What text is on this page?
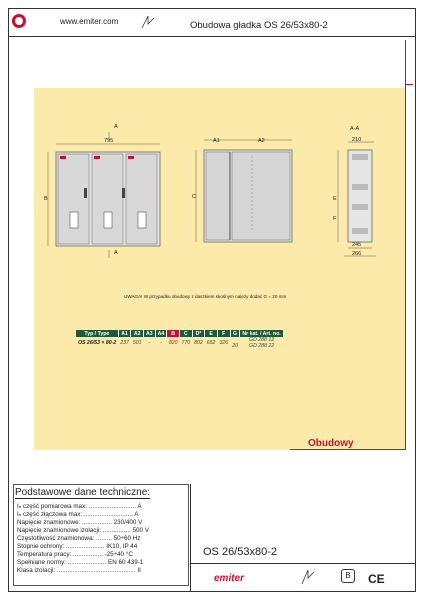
www.emiter.com	Obudowa gładka OS 26/53x80-2
795
B
A
A
A1	A2
C
A-A
210
E
F
245
266
UWAGA! W przypadku obudowy z daszkiem skośnym należy dodać G = 20 mm
Typ / Type	A1	A2	A3	A4	B	C	D*	E	F	G	Nr kat. / Art. no.
OS 26/53 × 80-2	237	501	-	-	820	770	802	652	326	20	GD 288 12
GD 288 22
Obudowy
Podstawowe dane techniczne:
Iₙ część pomiarowa max: ........................... A
Iₙ część złączowa max: ............................ A
Napięcie znamionowe: ................. 230/400 V
Napięcie znamionowe izolacji: ................ 500 V
Częstotliwość znamionowa: ......... 50÷60 Hz
Stopnie ochrony: ...................... IK10, IP 44
Temperatura pracy: ................. -25÷40 °C
Spełniane normy: ...................... EN 60 439-1
Klasa izolacji: ............................................. II
OS 26/53x80-2
emiter	B	CE
